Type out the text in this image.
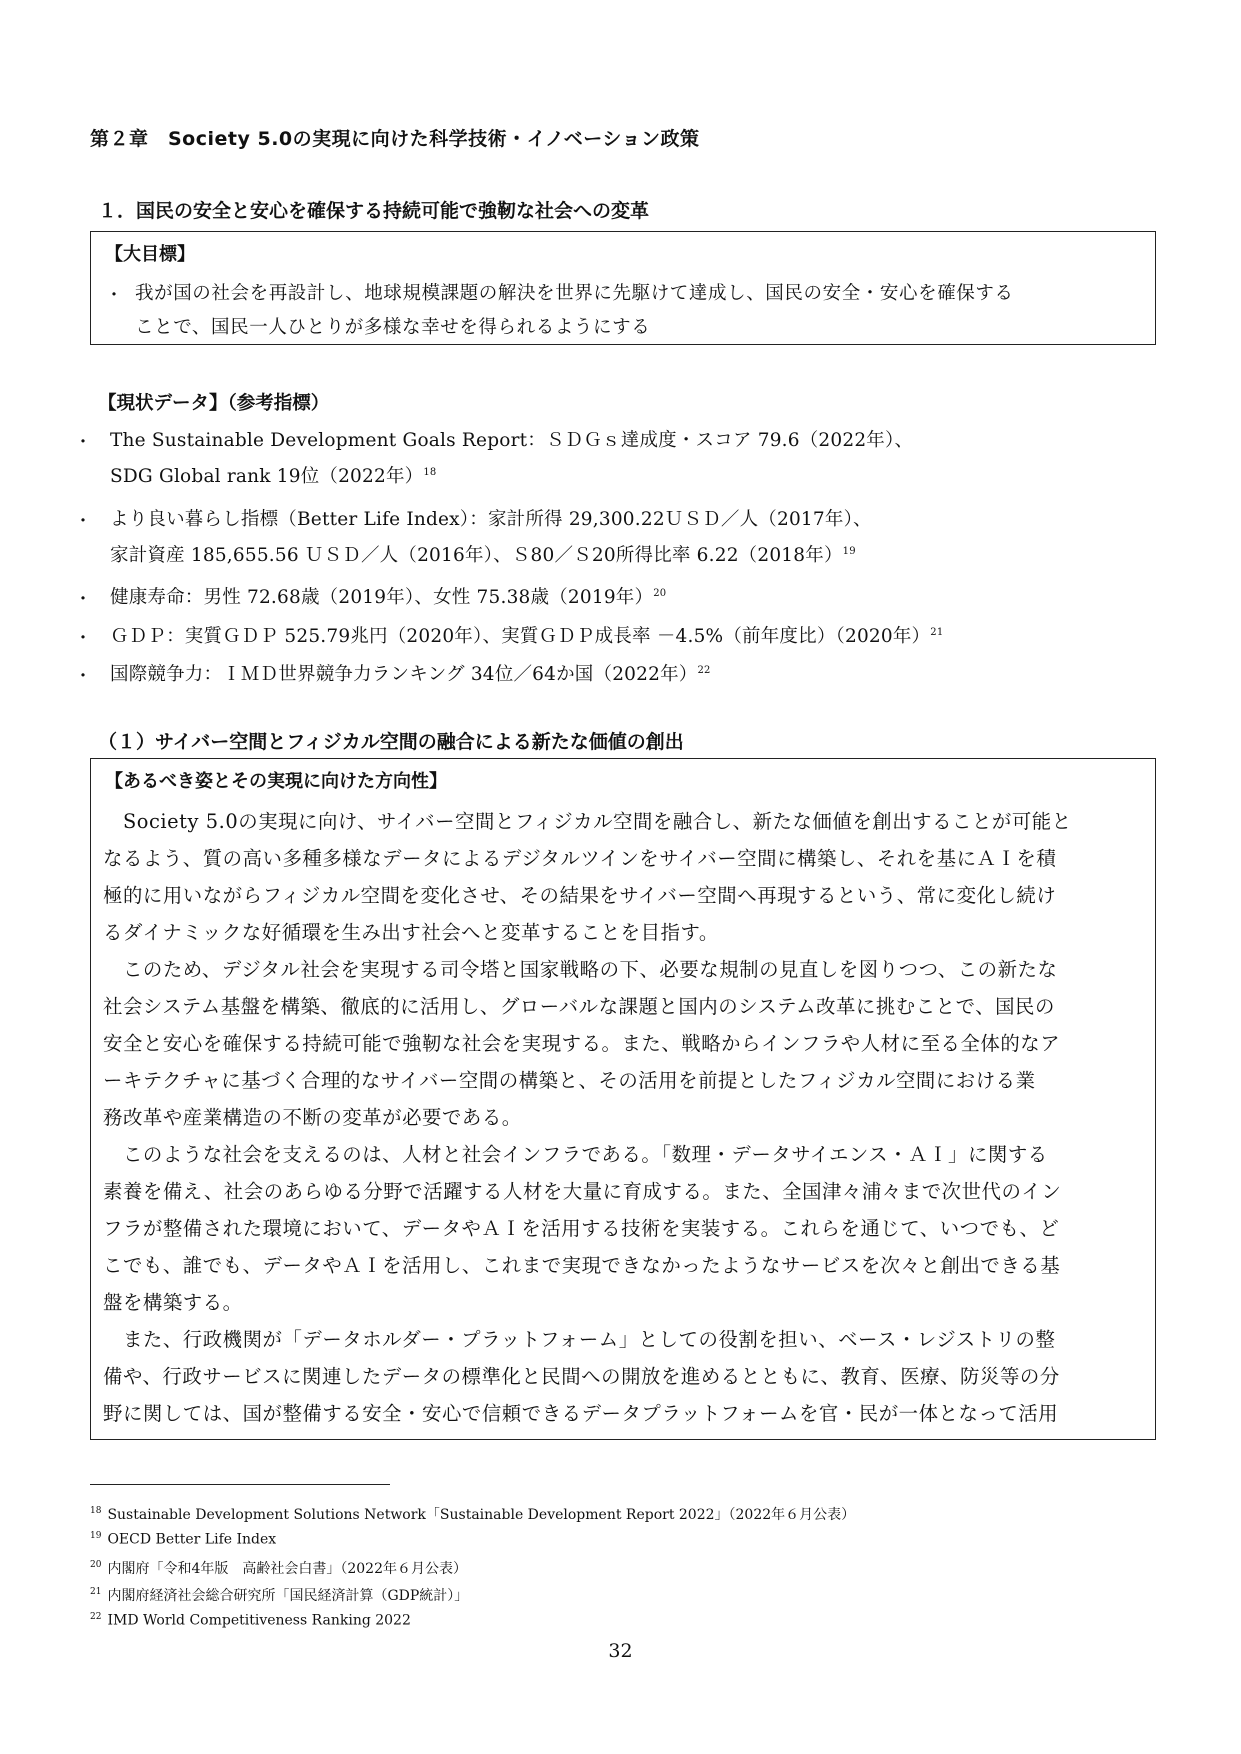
第２章　Society 5.0の実現に向けた科学技術・イノベーション政策
１．国民の安全と安心を確保する持続可能で強靭な社会への変革
【大目標】
・ 我が国の社会を再設計し、地球規模課題の解決を世界に先駆けて達成し、国民の安全・安心を確保する
ことで、国民一人ひとりが多様な幸せを得られるようにする
【現状データ】（参考指標）
・ The Sustainable Development Goals Report：ＳＤＧｓ達成度・スコア 79.6（2022年）、
SDG Global rank 19位（2022年）$^{18}$
・ より良い暮らし指標（Better Life Index）：家計所得 29,300.22ＵＳＤ／人（2017年）、
家計資産 185,655.56 ＵＳＤ／人（2016年）、Ｓ80／Ｓ20所得比率 6.22（2018年）$^{19}$
・ 健康寿命：男性 72.68歳（2019年）、女性 75.38歳（2019年）$^{20}$
・ ＧＤＰ：実質ＧＤＰ 525.79兆円（2020年）、実質ＧＤＰ成長率 －4.5%（前年度比）（2020年）$^{21}$
・ 国際競争力：ＩＭＤ世界競争力ランキング 34位／64か国（2022年）$^{22}$
（１）サイバー空間とフィジカル空間の融合による新たな価値の創出
【あるべき姿とその実現に向けた方向性】
　Society 5.0の実現に向け、サイバー空間とフィジカル空間を融合し、新たな価値を創出することが可能と
なるよう、質の高い多種多様なデータによるデジタルツインをサイバー空間に構築し、それを基にＡＩを積
極的に用いながらフィジカル空間を変化させ、その結果をサイバー空間へ再現するという、常に変化し続け
るダイナミックな好循環を生み出す社会へと変革することを目指す。
　このため、デジタル社会を実現する司令塔と国家戦略の下、必要な規制の見直しを図りつつ、この新たな
社会システム基盤を構築、徹底的に活用し、グローバルな課題と国内のシステム改革に挑むことで、国民の
安全と安心を確保する持続可能で強靭な社会を実現する。また、戦略からインフラや人材に至る全体的なア
ーキテクチャに基づく合理的なサイバー空間の構築と、その活用を前提としたフィジカル空間における業
務改革や産業構造の不断の変革が必要である。
　このような社会を支えるのは、人材と社会インフラである。「数理・データサイエンス・ＡＩ」に関する
素養を備え、社会のあらゆる分野で活躍する人材を大量に育成する。また、全国津々浦々まで次世代のイン
フラが整備された環境において、データやＡＩを活用する技術を実装する。これらを通じて、いつでも、ど
こでも、誰でも、データやＡＩを活用し、これまで実現できなかったようなサービスを次々と創出できる基
盤を構築する。
　また、行政機関が「データホルダー・プラットフォーム」としての役割を担い、ベース・レジストリの整
備や、行政サービスに関連したデータの標準化と民間への開放を進めるとともに、教育、医療、防災等の分
野に関しては、国が整備する安全・安心で信頼できるデータプラットフォームを官・民が一体となって活用
$^{18}$ Sustainable Development Solutions Network「Sustainable Development Report 2022」（2022年６月公表）
$^{19}$ OECD Better Life Index
$^{20}$ 内閣府「令和4年版　高齢社会白書」（2022年６月公表）
$^{21}$ 内閣府経済社会総合研究所「国民経済計算（GDP統計）」
$^{22}$ IMD World Competitiveness Ranking 2022
32
